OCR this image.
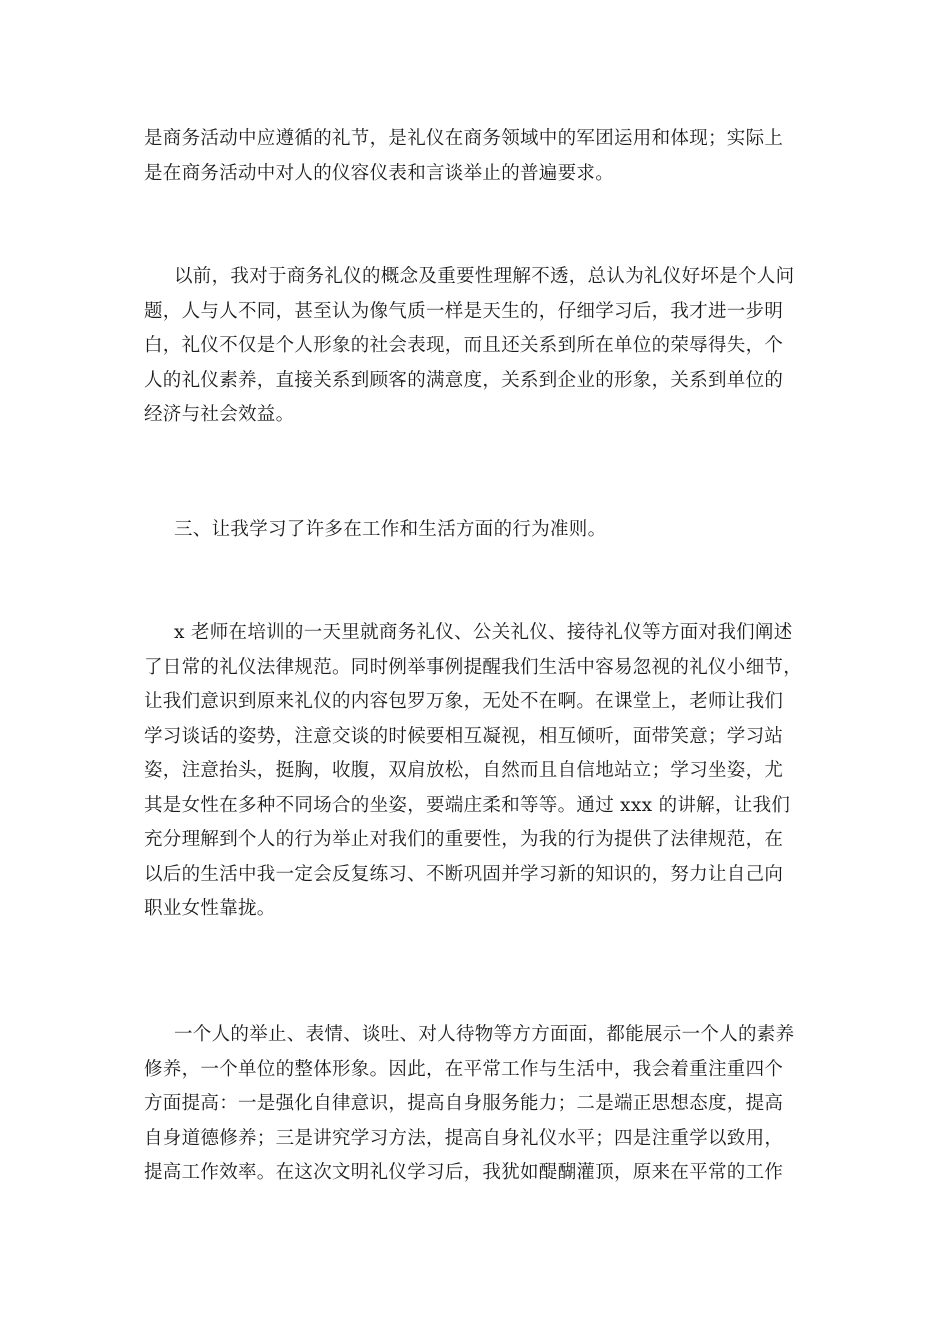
是商务活动中应遵循的礼节，是礼仪在商务领域中的军团运用和体现；实际上
是在商务活动中对人的仪容仪表和言谈举止的普遍要求。

以前，我对于商务礼仪的概念及重要性理解不透，总认为礼仪好坏是个人问
题，人与人不同，甚至认为像气质一样是天生的，仔细学习后，我才进一步明
白，礼仪不仅是个人形象的社会表现，而且还关系到所在单位的荣辱得失，个
人的礼仪素养，直接关系到顾客的满意度，关系到企业的形象，关系到单位的
经济与社会效益。

三、让我学习了许多在工作和生活方面的行为准则。

x 老师在培训的一天里就商务礼仪、公关礼仪、接待礼仪等方面对我们阐述
了日常的礼仪法律规范。同时例举事例提醒我们生活中容易忽视的礼仪小细节，
让我们意识到原来礼仪的内容包罗万象，无处不在啊。在课堂上，老师让我们
学习谈话的姿势，注意交谈的时候要相互凝视，相互倾听，面带笑意；学习站
姿，注意抬头，挺胸，收腹，双肩放松，自然而且自信地站立；学习坐姿，尤
其是女性在多种不同场合的坐姿，要端庄柔和等等。通过 xxx 的讲解，让我们
充分理解到个人的行为举止对我们的重要性，为我的行为提供了法律规范，在
以后的生活中我一定会反复练习、不断巩固并学习新的知识的，努力让自己向
职业女性靠拢。

一个人的举止、表情、谈吐、对人待物等方方面面，都能展示一个人的素养
修养，一个单位的整体形象。因此，在平常工作与生活中，我会着重注重四个
方面提高：一是强化自律意识，提高自身服务能力；二是端正思想态度，提高
自身道德修养；三是讲究学习方法，提高自身礼仪水平；四是注重学以致用，
提高工作效率。在这次文明礼仪学习后，我犹如醍醐灌顶，原来在平常的工作
